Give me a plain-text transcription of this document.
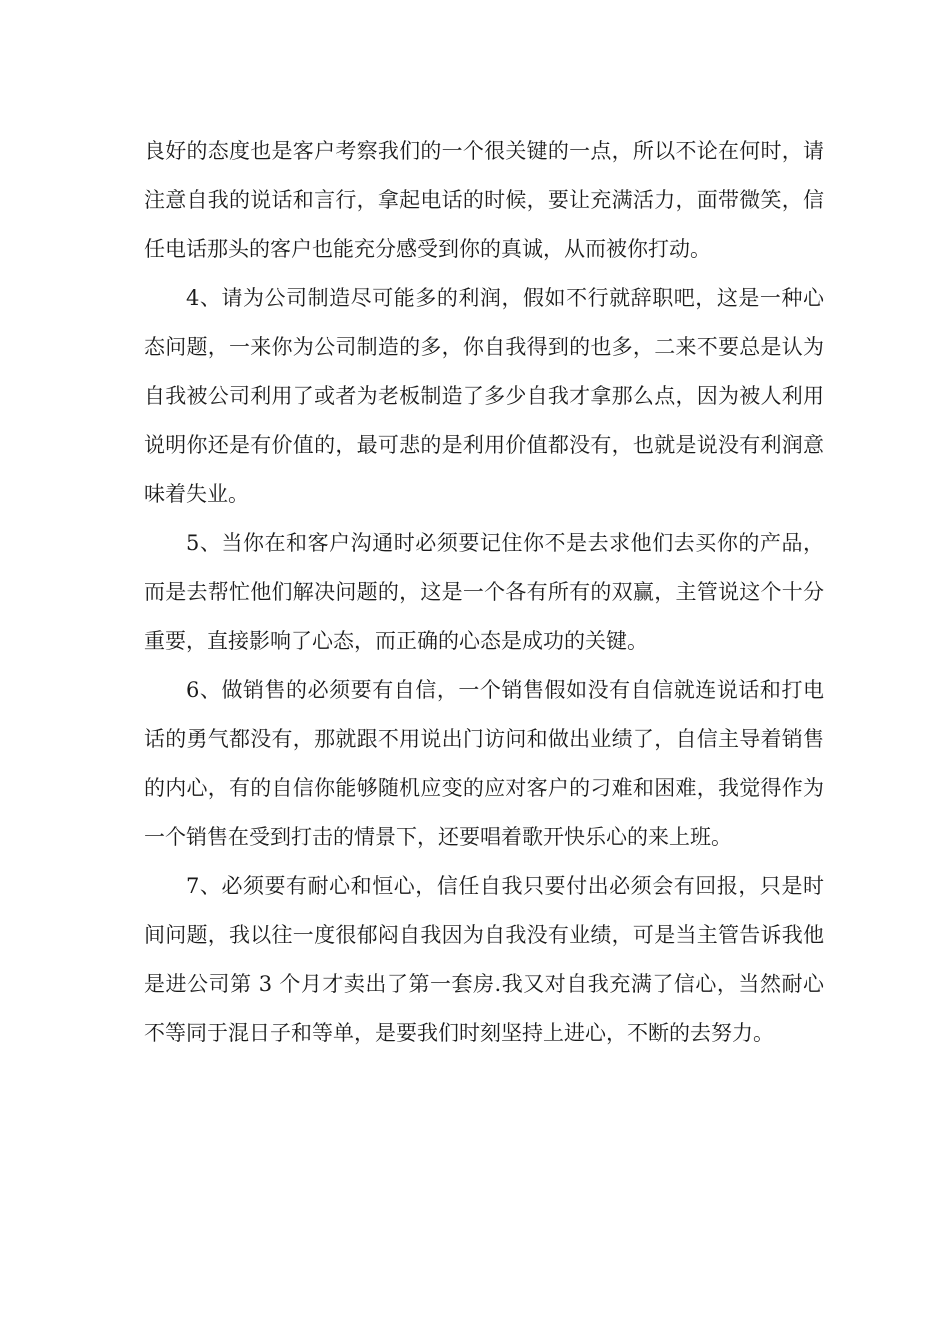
良好的态度也是客户考察我们的一个很关键的一点，所以不论在何时，请注意自我的说话和言行，拿起电话的时候，要让充满活力，面带微笑，信任电话那头的客户也能充分感受到你的真诚，从而被你打动。

4、请为公司制造尽可能多的利润，假如不行就辞职吧，这是一种心态问题，一来你为公司制造的多，你自我得到的也多，二来不要总是认为自我被公司利用了或者为老板制造了多少自我才拿那么点，因为被人利用说明你还是有价值的，最可悲的是利用价值都没有，也就是说没有利润意味着失业。

5、当你在和客户沟通时必须要记住你不是去求他们去买你的产品，而是去帮忙他们解决问题的，这是一个各有所有的双赢，主管说这个十分重要，直接影响了心态，而正确的心态是成功的关键。

6、做销售的必须要有自信，一个销售假如没有自信就连说话和打电话的勇气都没有，那就跟不用说出门访问和做出业绩了，自信主导着销售的内心，有的自信你能够随机应变的应对客户的刁难和困难，我觉得作为一个销售在受到打击的情景下，还要唱着歌开快乐心的来上班。

7、必须要有耐心和恒心，信任自我只要付出必须会有回报，只是时间问题，我以往一度很郁闷自我因为自我没有业绩，可是当主管告诉我他是进公司第 3 个月才卖出了第一套房.我又对自我充满了信心，当然耐心不等同于混日子和等单，是要我们时刻坚持上进心，不断的去努力。
